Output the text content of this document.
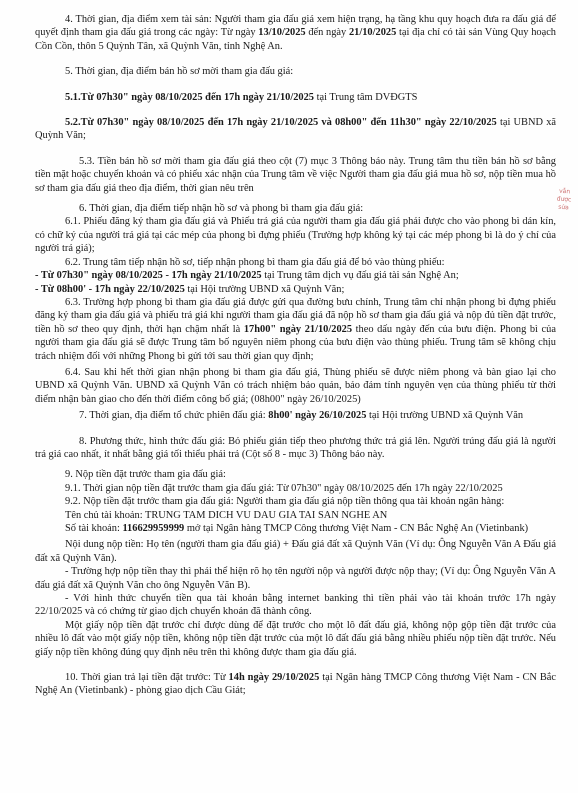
4. Thời gian, địa điểm xem tài sản: Người tham gia đấu giá xem hiện trạng, hạ tầng khu quy hoạch đưa ra đấu giá để quyết định tham gia đấu giá trong các ngày: Từ ngày 13/10/2025 đến ngày 21/10/2025 tại địa chỉ có tài sản Vùng Quy hoạch Cồn Cồn, thôn 5 Quỳnh Tân, xã Quỳnh Văn, tỉnh Nghệ An.

5. Thời gian, địa điểm bán hồ sơ mời tham gia đấu giá:

5.1.Từ 07h30" ngày 08/10/2025 đến 17h ngày 21/10/2025 tại Trung tâm DVĐGTS

5.2.Từ 07h30" ngày 08/10/2025 đến 17h ngày 21/10/2025 và 08h00" đến 11h30" ngày 22/10/2025 tại UBND xã Quỳnh Văn;

5.3. Tiền bán hồ sơ mời tham gia đấu giá theo cột (7) mục 3 Thông báo này. Trung tâm thu tiền bán hồ sơ bằng tiền mặt hoặc chuyển khoản và có phiếu xác nhận của Trung tâm về việc Người tham gia đấu giá mua hồ sơ, nộp tiền mua hồ sơ tham gia đấu giá theo địa điểm, thời gian nêu trên

6. Thời gian, địa điểm tiếp nhận hồ sơ và phong bì tham gia đấu giá:

6.1. Phiếu đăng ký tham gia đấu giá và Phiếu trả giá của người tham gia đấu giá phải được cho vào phong bì dán kín, có chữ ký của người trả giá tại các mép của phong bì đựng phiếu (Trường hợp không ký tại các mép phong bì là do ý chí của người trả giá);

6.2. Trung tâm tiếp nhận hồ sơ, tiếp nhận phong bì tham gia đấu giá để bỏ vào thùng phiếu:

- Từ 07h30" ngày 08/10/2025 - 17h ngày 21/10/2025 tại Trung tâm dịch vụ đấu giá tài sản Nghệ An;

- Từ 08h00' - 17h ngày 22/10/2025 tại Hội trường UBND xã Quỳnh Văn;

6.3. Trường hợp phong bì tham gia đấu giá được gửi qua đường bưu chính, Trung tâm chỉ nhận phong bì đựng phiếu đăng ký tham gia đấu giá và phiếu trả giá khi người tham gia đấu giá đã nộp hồ sơ tham gia đấu giá và nộp đủ tiền đặt trước, tiền hồ sơ theo quy định, thời hạn chậm nhất là 17h00" ngày 21/10/2025 theo dấu ngày đến của bưu điện. Phong bì của người tham gia đấu giá sẽ được Trung tâm bố nguyên niêm phong của bưu điện vào thùng phiếu. Trung tâm sẽ không chịu trách nhiệm đối với những Phong bì gửi tới sau thời gian quy định;

6.4. Sau khi hết thời gian nhận phong bì tham gia đấu giá, Thùng phiếu sẽ được niêm phong và bàn giao lại cho UBND xã Quỳnh Văn. UBND xã Quỳnh Văn có trách nhiệm bảo quản, bảo đảm tính nguyên vẹn của thùng phiếu từ thời điểm nhận bàn giao cho đến thời điểm công bố giá; (08h00" ngày 26/10/2025)

7. Thời gian, địa điểm tổ chức phiên đấu giá: 8h00' ngày 26/10/2025 tại Hội trường UBND xã Quỳnh Văn

8. Phương thức, hình thức đấu giá: Bỏ phiếu gián tiếp theo phương thức trả giá lên. Người trúng đấu giá là người trả giá cao nhất, ít nhất bằng giá tối thiểu phải trả (Cột số 8 - mục 3) Thông báo này.

9. Nộp tiền đặt trước tham gia đấu giá:

9.1. Thời gian nộp tiền đặt trước tham gia đấu giá: Từ 07h30" ngày 08/10/2025 đến 17h ngày 22/10/2025

9.2. Nộp tiền đặt trước tham gia đấu giá: Người tham gia đấu giá nộp tiền thông qua tài khoản ngân hàng:

Tên chủ tài khoản: TRUNG TAM DICH VU DAU GIA TAI SAN NGHE AN

Số tài khoản: 116629959999 mở tại Ngân hàng TMCP Công thương Việt Nam - CN Bắc Nghệ An (Vietinbank)

Nội dung nộp tiền: Họ tên (người tham gia đấu giá) + Đấu giá đất xã Quỳnh Văn (Ví dụ: Ông Nguyễn Văn A Đấu giá đất xã Quỳnh Văn).

- Trường hợp nộp tiền thay thì phải thể hiện rõ họ tên người nộp và người được nộp thay; (Ví dụ: Ông Nguyễn Văn A đấu giá đất xã Quỳnh Văn cho ông Nguyễn Văn B).

- Với hình thức chuyển tiền qua tài khoản bằng internet banking thì tiền phải vào tài khoản trước 17h ngày 22/10/2025 và có chứng từ giao dịch chuyển khoản đã thành công.

Một giấy nộp tiền đặt trước chỉ được dùng để đặt trước cho một lô đất đấu giá, không nộp gộp tiền đặt trước của nhiều lô đất vào một giấy nộp tiền, không nộp tiền đặt trước của một lô đất đấu giá bằng nhiều phiếu nộp tiền đặt trước. Nếu giấy nộp tiền không đúng quy định nêu trên thì không được tham gia đấu giá.

10. Thời gian trả lại tiền đặt trước: Từ 14h ngày 29/10/2025 tại Ngân hàng TMCP Công thương Việt Nam - CN Bắc Nghệ An (Vietinbank) - phòng giao dịch Cầu Giát;

vẫn được sửa
